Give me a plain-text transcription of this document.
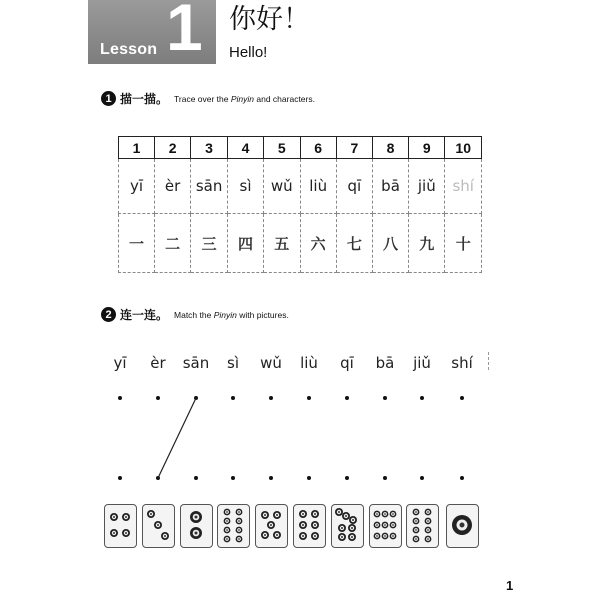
Lesson 1 你好！
Hello!
1 描一描。 Trace over the Pinyin and characters.
1	2	3	4	5	6	7	8	9	10
yī	èr	sān	sì	wǔ	liù	qī	bā	jiǔ	shí
一	二	三	四	五	六	七	八	九	十
2 连一连。 Match the Pinyin with pictures.
yī èr sān sì wǔ liù qī bā jiǔ shí
1
